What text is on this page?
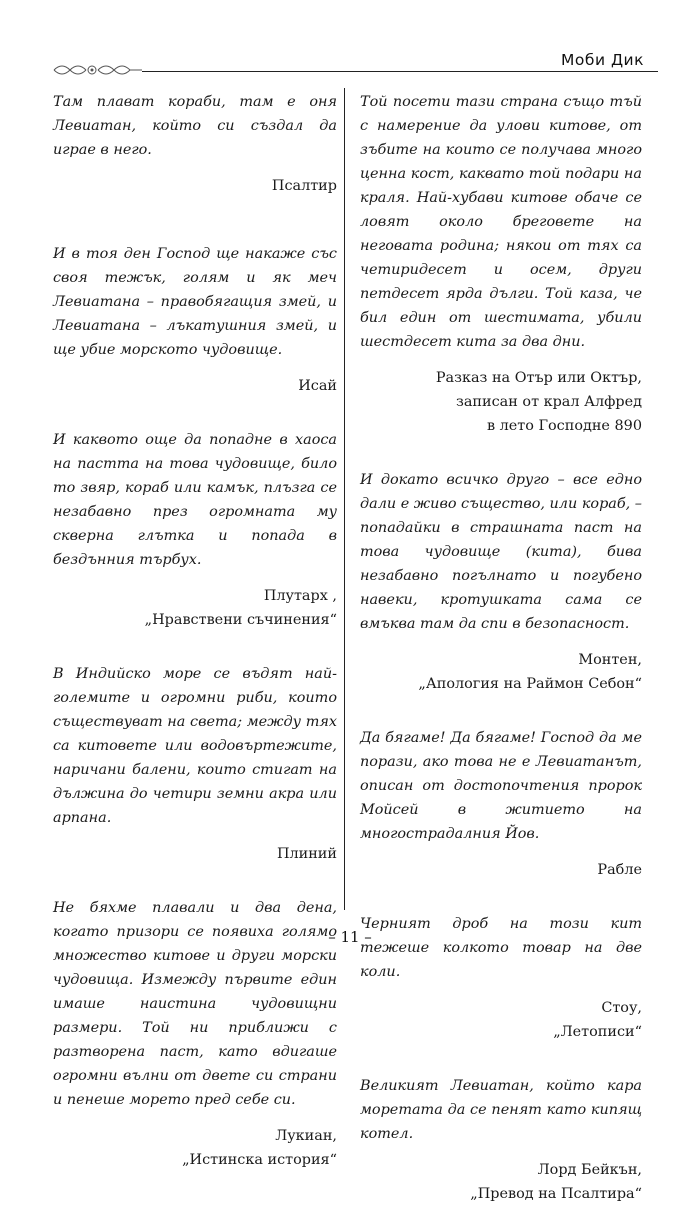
Моби Дик

Там плават кораби, там е оня Левиатан, който си създал да играе в него.

Псалтир

И в тоя ден Господ ще накаже със своя тежък, голям и як меч Левиатана – правобягащия змей, и Левиатана – лъкатушния змей, и ще убие морското чудовище.

Исай

И каквото още да попадне в хаоса на пастта на това чудовище, било то звяр, кораб или камък, плъзга се незабавно през огромната му скверна глътка и попада в бездънния търбух.

Плутарх ,
„Нравствени съчинения“

В Индийско море се въдят най-големите и огромни риби, които съществуват на света; между тях са китовете или водовъртежите, наричани балени, които стигат на дължина до четири земни акра или арпана.

Плиний

Не бяхме плавали и два дена, когато призори се появиха голямо множество китове и други морски чудовища. Измежду първите един имаше наистина чудовищни размери. Той ни приближи с разтворена паст, като вдигаше огромни вълни от двете си страни и пенеше морето пред себе си.

Лукиан,
„Истинска история“

Той посети тази страна също тъй с намерение да улови китове, от зъбите на които се получава много ценна кост, каквато той подари на краля. Най-хубави китове обаче се ловят около бреговете на неговата родина; някои от тях са четиридесет и осем, други петдесет ярда дълги. Той каза, че бил един от шестимата, убили шестдесет кита за два дни.

Разказ на Отър или Октър,
записан от крал Алфред
в лето Господне 890

И докато всичко друго – все едно дали е живо същество, или кораб, – попадайки в страшната паст на това чудовище (кита), бива незабавно погълнато и погубено навеки, кротушката сама се вмъква там да спи в безопасност.

Монтен,
„Апология на Раймон Себон“

Да бягаме! Да бягаме! Господ да ме порази, ако това не е Левиатанът, описан от достопочтения пророк Мойсей в житието на многострадалния Йов.

Рабле

Черният дроб на този кит тежеше колкото товар на две коли.

Стоу,
„Летописи“

Великият Левиатан, който кара моретата да се пенят като кипящ котел.

Лорд Бейкън,
„Превод на Псалтира“

– 11 –
